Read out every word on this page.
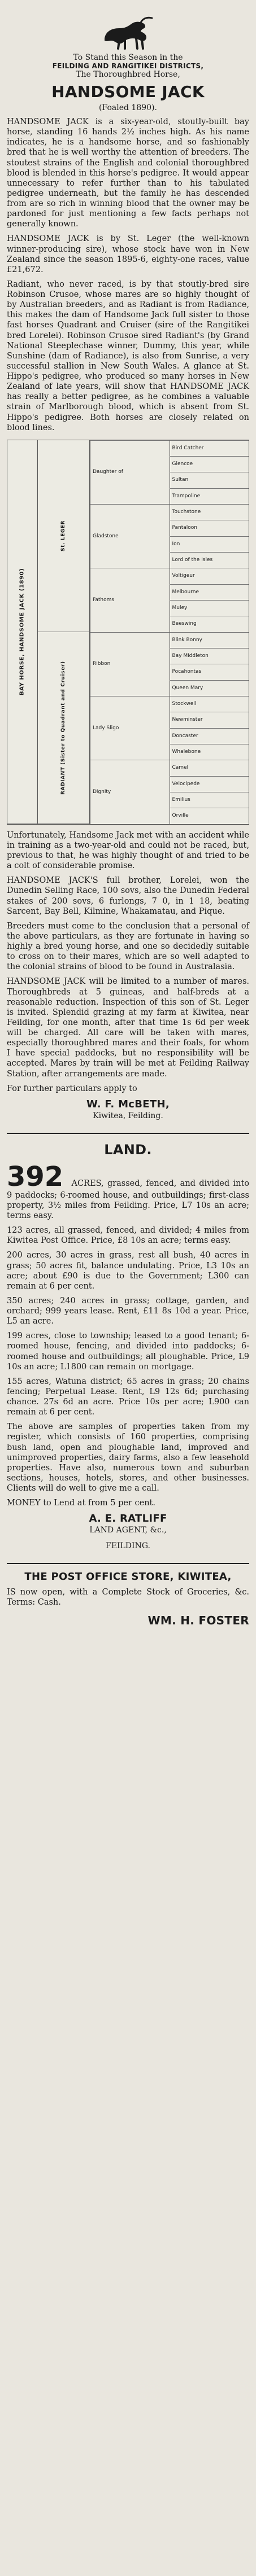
To Stand this Season in the
FEILDING AND RANGITIKEI DISTRICTS,
The Thoroughbred Horse,
HANDSOME JACK
(Foaled 1890).
HANDSOME JACK is a six-year-old, stoutly-built bay horse, standing 16 hands 2½ inches high. As his name indicates, he is a handsome horse, and so fashionably bred that he is well worthy the attention of breeders. The stoutest strains of the English and colonial thoroughbred blood is blended in this horse's pedigree. It would appear unnecessary to refer further than to his tabulated pedigree underneath, but the family he has descended from are so rich in winning blood that the owner may be pardoned for just mentioning a few facts perhaps not generally known.
HANDSOME JACK is by St. Leger (the well-known winner-producing sire), whose stock have won in New Zealand since the season 1895-6, eighty-one races, value £21,672.
Radiant, who never raced, is by that stoutly-bred sire Robinson Crusoe, whose mares are so highly thought of by Australian breeders, and as Radiant is from Radiance, this makes the dam of Handsome Jack full sister to those fast horses Quadrant and Cruiser (sire of the Rangitikei bred Lorelei). Robinson Crusoe sired Radiant's (by Grand National Steeplechase winner, Dummy, this year, while Sunshine (dam of Radiance), is also from Sunrise, a very successful stallion in New South Wales. A glance at St. Hippo's pedigree, who produced so many horses in New Zealand of late years, will show that HANDSOME JACK has really a better pedigree, as he combines a valuable strain of Marlborough blood, which is absent from St. Hippo's pedigree. Both horses are closely related on blood lines.
BAY HORSE, HANDSOME JACK (1890)
St. LEGER
RADIANT (Sister to Quadrant and Cruiser)
Daughter of
Gladstone
Fathoms
Ribbon
Lady Sligo
Dignity
Bird Catcher
Glencoe
Sultan
Trampoline
Touchstone
Pantaloon
Ion
Lord of the Isles
Voltigeur
Melbourne
Muley
Beeswing
Blink Bonny
Bay Middleton
Pocahontas
Queen Mary
Stockwell
Newminster
Doncaster
Whalebone
Camel
Velocipede
Emilius
Orville
Unfortunately, Handsome Jack met with an accident while in training as a two-year-old and could not be raced, but, previous to that, he was highly thought of and tried to be a colt of considerable promise.
HANDSOME JACK'S full brother, Lorelei, won the Dunedin Selling Race, 100 sovs, also the Dunedin Federal stakes of 200 sovs, 6 furlongs, 7 0, in 1 18, beating Sarcent, Bay Bell, Kilmine, Whakamatau, and Pique.
Breeders must come to the conclusion that a personal of the above particulars, as they are fortunate in having so highly a bred young horse, and one so decidedly suitable to cross on to their mares, which are so well adapted to the colonial strains of blood to be found in Australasia.
HANDSOME JACK will be limited to a number of mares. Thoroughbreds at 5 guineas, and half-breds at a reasonable reduction. Inspection of this son of St. Leger is invited. Splendid grazing at my farm at Kiwitea, near Feilding, for one month, after that time 1s 6d per week will be charged. All care will be taken with mares, especially thoroughbred mares and their foals, for whom I have special paddocks, but no responsibility will be accepted. Mares by train will be met at Feilding Railway Station, after arrangements are made.
For further particulars apply to
W. F. McBETH,
Kiwitea, Feilding.
LAND.
392 ACRES, grassed, fenced, and divided into 9 paddocks; 6-roomed house, and outbuildings; first-class property, 3½ miles from Feilding. Price, L7 10s an acre; terms easy.
123 acres, all grassed, fenced, and divided; 4 miles from Kiwitea Post Office. Price, £8 10s an acre; terms easy.
200 acres, 30 acres in grass, rest all bush, 40 acres in grass; 50 acres fit, balance undulating. Price, L3 10s an acre; about £90 is due to the Government; L300 can remain at 6 per cent.
350 acres; 240 acres in grass; cottage, garden, and orchard; 999 years lease. Rent, £11 8s 10d a year. Price, L5 an acre.
199 acres, close to township; leased to a good tenant; 6-roomed house, fencing, and divided into paddocks; 6-roomed house and outbuildings; all ploughable. Price, L9 10s an acre; L1800 can remain on mortgage.
155 acres, Watuna district; 65 acres in grass; 20 chains fencing; Perpetual Lease. Rent, L9 12s 6d; purchasing chance. 27s 6d an acre. Price 10s per acre; L900 can remain at 6 per cent.
The above are samples of properties taken from my register, which consists of 160 properties, comprising bush land, open and ploughable land, improved and unimproved properties, dairy farms, also a few leasehold properties. Have also, numerous town and suburban sections, houses, hotels, stores, and other businesses. Clients will do well to give me a call.
MONEY to Lend at from 5 per cent.
A. E. RATLIFF
LAND AGENT, &c.,
FEILDING.
THE POST OFFICE STORE, KIWITEA,
IS now open, with a Complete Stock of Groceries, &c. Terms: Cash.
WM. H. FOSTER
